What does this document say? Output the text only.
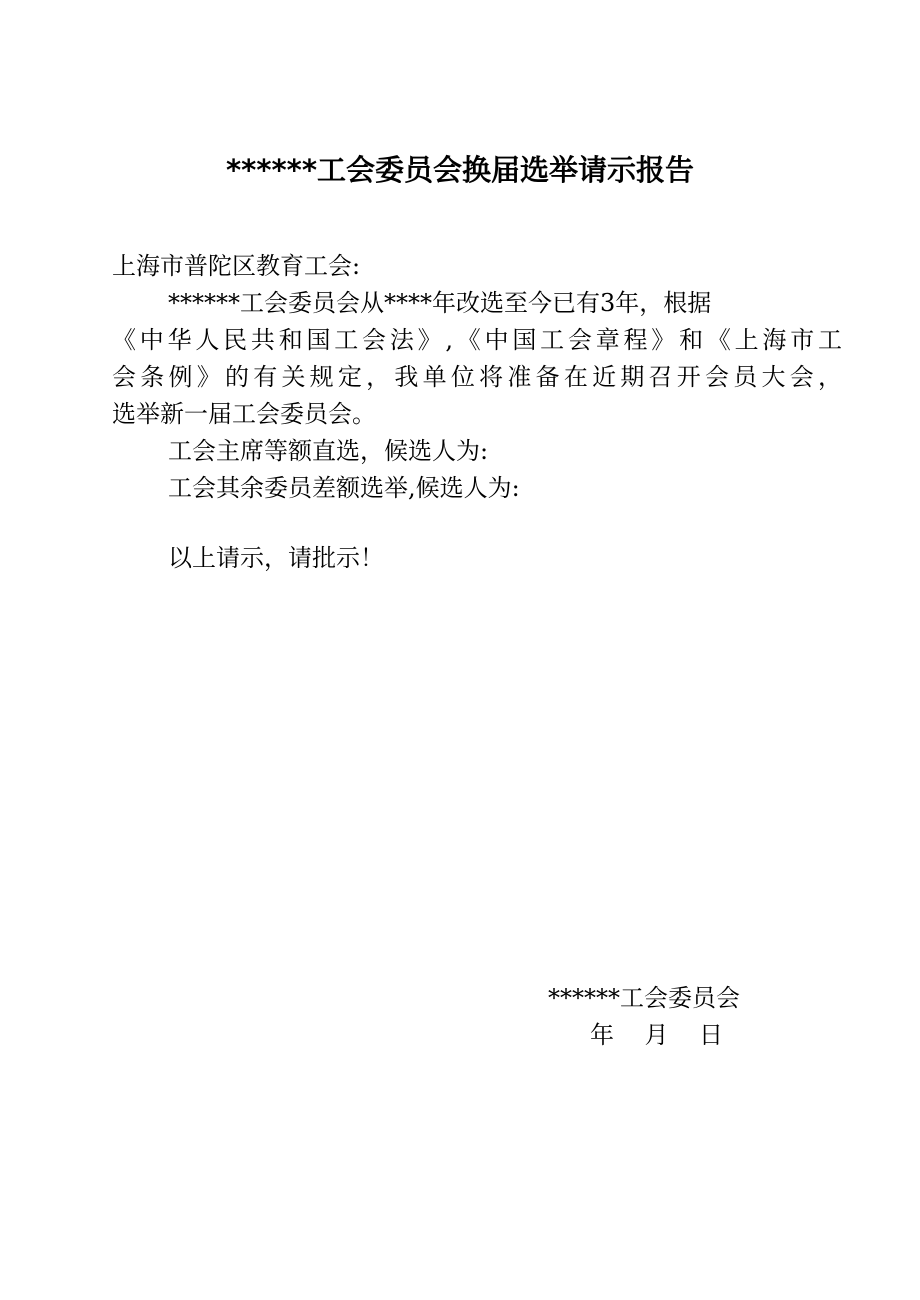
******工会委员会换届选举请示报告
上海市普陀区教育工会:
******工会委员会从****年改选至今已有3年，根据
《中华人民共和国工会法》,《中国工会章程》和《上海市工
会条例》的有关规定，我单位将准备在近期召开会员大会，
选举新一届工会委员会。
工会主席等额直选，候选人为:
工会其余委员差额选举,候选人为:
以上请示，请批示！
******工会委员会
年    月    日
